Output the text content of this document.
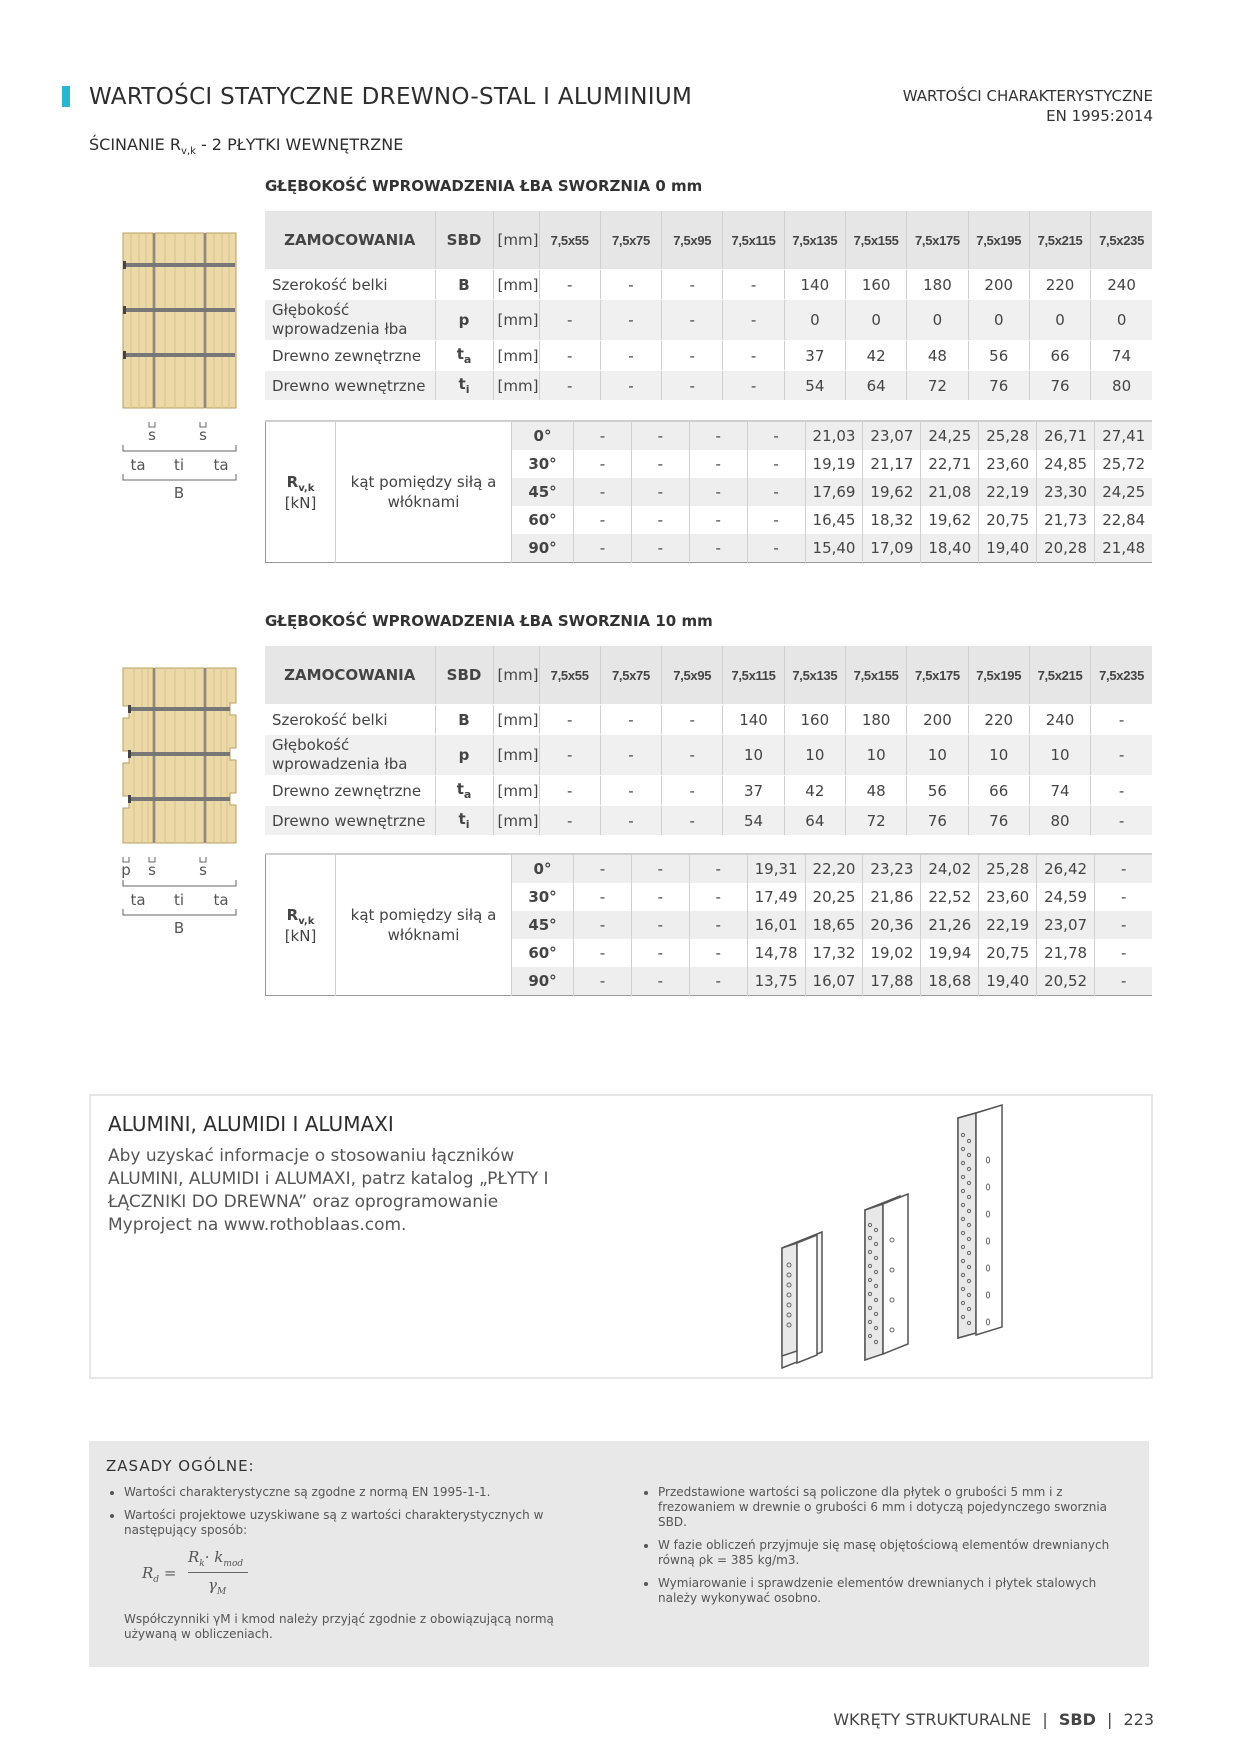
WARTOŚCI STATYCZNE DREWNO-STAL I ALUMINIUM	WARTOŚCI CHARAKTERYSTYCZNE
EN 1995:2014
ŚCINANIE $R_{v,k} - 2$ PŁYTKI WEWNĘTRZNE
GŁĘBOKOŚĆ WPROWADZENIA ŁBA SWORZNIA 0 mm
s	s
ta ti ta
B
ZAMOCOWANIA	SBD	[mm]	7,5x55	7,5x75	7,5x95	7,5x115	7,5x135	7,5x155	7,5x175	7,5x195	7,5x215	7,5x235
Szerokość belki	B	[mm]	-	-	-	-	140	160	180	200	220	240
Głębokość wprowadzenia łba	p	[mm]	-	-	-	-	0	0	0	0	0	0
Drewno zewnętrzne	$t_a$	[mm]	-	-	-	-	37	42	48	56	66	74
Drewno wewnętrzne	$t_i$	[mm]	-	-	-	-	54	64	72	76	76	80
$R_{v,k}$
[kN]	kąt pomiędzy siłą a włóknami	0°	-	-	-	-	21,03	23,07	24,25	25,28	26,71	27,41
		30°	-	-	-	-	19,19	21,17	22,71	23,60	24,85	25,72
		45°	-	-	-	-	17,69	19,62	21,08	22,19	23,30	24,25
		60°	-	-	-	-	16,45	18,32	19,62	20,75	21,73	22,84
		90°	-	-	-	-	15,40	17,09	18,40	19,40	20,28	21,48
GŁĘBOKOŚĆ WPROWADZENIA ŁBA SWORZNIA 10 mm
p s	s
ta ti ta
B
ZAMOCOWANIA	SBD	[mm]	7,5x55	7,5x75	7,5x95	7,5x115	7,5x135	7,5x155	7,5x175	7,5x195	7,5x215	7,5x235
Szerokość belki	B	[mm]	-	-	-	140	160	180	200	220	240	-
Głębokość wprowadzenia łba	p	[mm]	-	-	-	10	10	10	10	10	10	-
Drewno zewnętrzne	$t_a$	[mm]	-	-	-	37	42	48	56	66	74	-
Drewno wewnętrzne	$t_i$	[mm]	-	-	-	54	64	72	76	76	80	-
$R_{v,k}$
[kN]	kąt pomiędzy siłą a włóknami	0°	-	-	-	19,31	22,20	23,23	24,02	25,28	26,42	-
		30°	-	-	-	17,49	20,25	21,86	22,52	23,60	24,59	-
		45°	-	-	-	16,01	18,65	20,36	21,26	22,19	23,07	-
		60°	-	-	-	14,78	17,32	19,02	19,94	20,75	21,78	-
		90°	-	-	-	13,75	16,07	17,88	18,68	19,40	20,52	-
ALUMINI, ALUMIDI I ALUMAXI
Aby uzyskać informacje o stosowaniu łączników ALUMINI, ALUMIDI i ALUMAXI, patrz katalog „PŁYTY I ŁĄCZNIKI DO DREWNA” oraz oprogramowanie Myproject na www.rothoblaas.com.
ZASADY OGÓLNE:
• Wartości charakterystyczne są zgodne z normą EN 1995-1-1.
• Wartości projektowe uzyskiwane są z wartości charakterystycznych w następujący sposób:
$R_d$ =
$R_k\cdot k_{mod}$
$\gamma_M$
Współczynniki γM i kmod należy przyjąć zgodnie z obowiązującą normą używaną w obliczeniach.
• Przedstawione wartości są policzone dla płytek o grubości 5 mm i z frezowaniem w drewnie o grubości 6 mm i dotyczą pojedynczego sworznia SBD.
• W fazie obliczeń przyjmuje się masę objętościową elementów drewnianych równą ρk = 385 kg/m3.
• Wymiarowanie i sprawdzenie elementów drewnianych i płytek stalowych należy wykonywać osobno.
WKRĘTY STRUKTURALNE | SBD | 223
